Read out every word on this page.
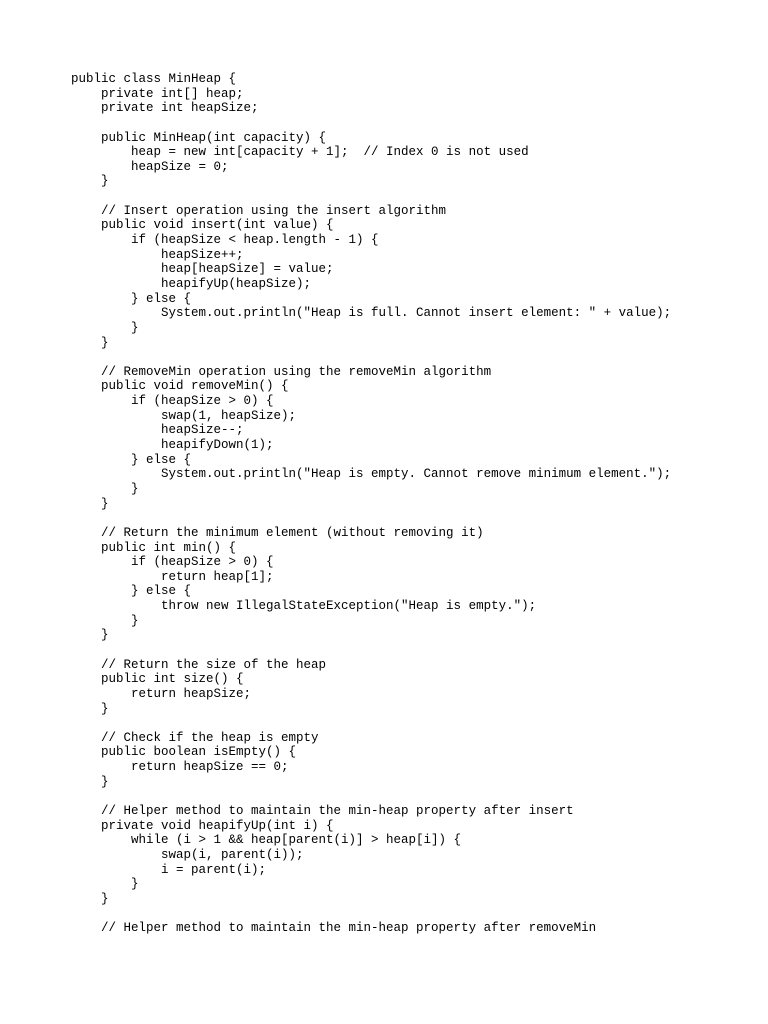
public class MinHeap {
private int[] heap;
private int heapSize;
public MinHeap(int capacity) {
heap = new int[capacity + 1];  // Index 0 is not used
heapSize = 0;
}
// Insert operation using the insert algorithm
public void insert(int value) {
if (heapSize < heap.length - 1) {
heapSize++;
heap[heapSize] = value;
heapifyUp(heapSize);
} else {
System.out.println("Heap is full. Cannot insert element: " + value);
}
}
// RemoveMin operation using the removeMin algorithm
public void removeMin() {
if (heapSize > 0) {
swap(1, heapSize);
heapSize--;
heapifyDown(1);
} else {
System.out.println("Heap is empty. Cannot remove minimum element.");
}
}
// Return the minimum element (without removing it)
public int min() {
if (heapSize > 0) {
return heap[1];
} else {
throw new IllegalStateException("Heap is empty.");
}
}
// Return the size of the heap
public int size() {
return heapSize;
}
// Check if the heap is empty
public boolean isEmpty() {
return heapSize == 0;
}
// Helper method to maintain the min-heap property after insert
private void heapifyUp(int i) {
while (i > 1 && heap[parent(i)] > heap[i]) {
swap(i, parent(i));
i = parent(i);
}
}
// Helper method to maintain the min-heap property after removeMin
